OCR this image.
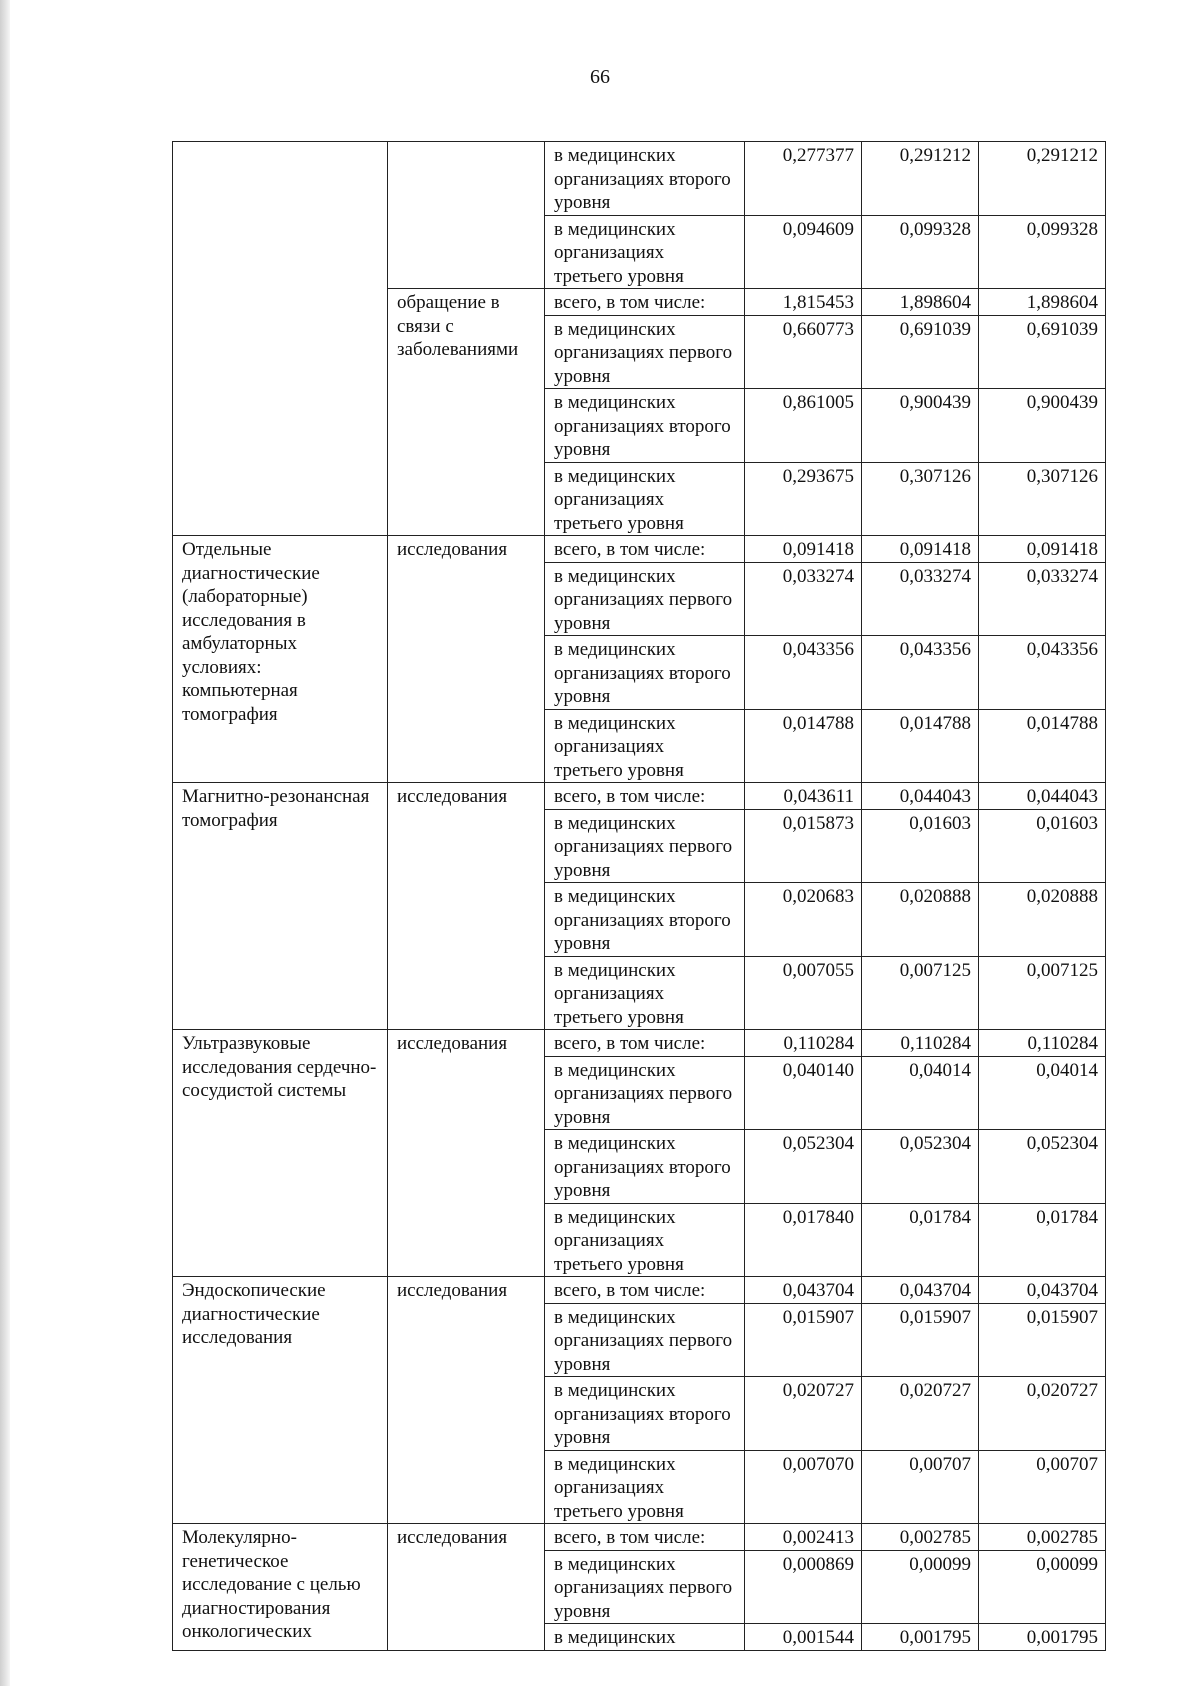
66
		в медицинских организациях второго уровня	0,277377	0,291212	0,291212
		в медицинских организациях третьего уровня	0,094609	0,099328	0,099328
	обращение в связи с заболеваниями	всего, в том числе:	1,815453	1,898604	1,898604
		в медицинских организациях первого уровня	0,660773	0,691039	0,691039
		в медицинских организациях второго уровня	0,861005	0,900439	0,900439
		в медицинских организациях третьего уровня	0,293675	0,307126	0,307126
Отдельные диагностические (лабораторные) исследования в амбулаторных условиях: компьютерная томография	исследования	всего, в том числе:	0,091418	0,091418	0,091418
		в медицинских организациях первого уровня	0,033274	0,033274	0,033274
		в медицинских организациях второго уровня	0,043356	0,043356	0,043356
		в медицинских организациях третьего уровня	0,014788	0,014788	0,014788
Магнитно-резонансная томография	исследования	всего, в том числе:	0,043611	0,044043	0,044043
		в медицинских организациях первого уровня	0,015873	0,01603	0,01603
		в медицинских организациях второго уровня	0,020683	0,020888	0,020888
		в медицинских организациях третьего уровня	0,007055	0,007125	0,007125
Ультразвуковые исследования сердечно-сосудистой системы	исследования	всего, в том числе:	0,110284	0,110284	0,110284
		в медицинских организациях первого уровня	0,040140	0,04014	0,04014
		в медицинских организациях второго уровня	0,052304	0,052304	0,052304
		в медицинских организациях третьего уровня	0,017840	0,01784	0,01784
Эндоскопические диагностические исследования	исследования	всего, в том числе:	0,043704	0,043704	0,043704
		в медицинских организациях первого уровня	0,015907	0,015907	0,015907
		в медицинских организациях второго уровня	0,020727	0,020727	0,020727
		в медицинских организациях третьего уровня	0,007070	0,00707	0,00707
Молекулярно-генетическое исследование с целью диагностирования онкологических	исследования	всего, в том числе:	0,002413	0,002785	0,002785
		в медицинских организациях первого уровня	0,000869	0,00099	0,00099
		в медицинских	0,001544	0,001795	0,001795
